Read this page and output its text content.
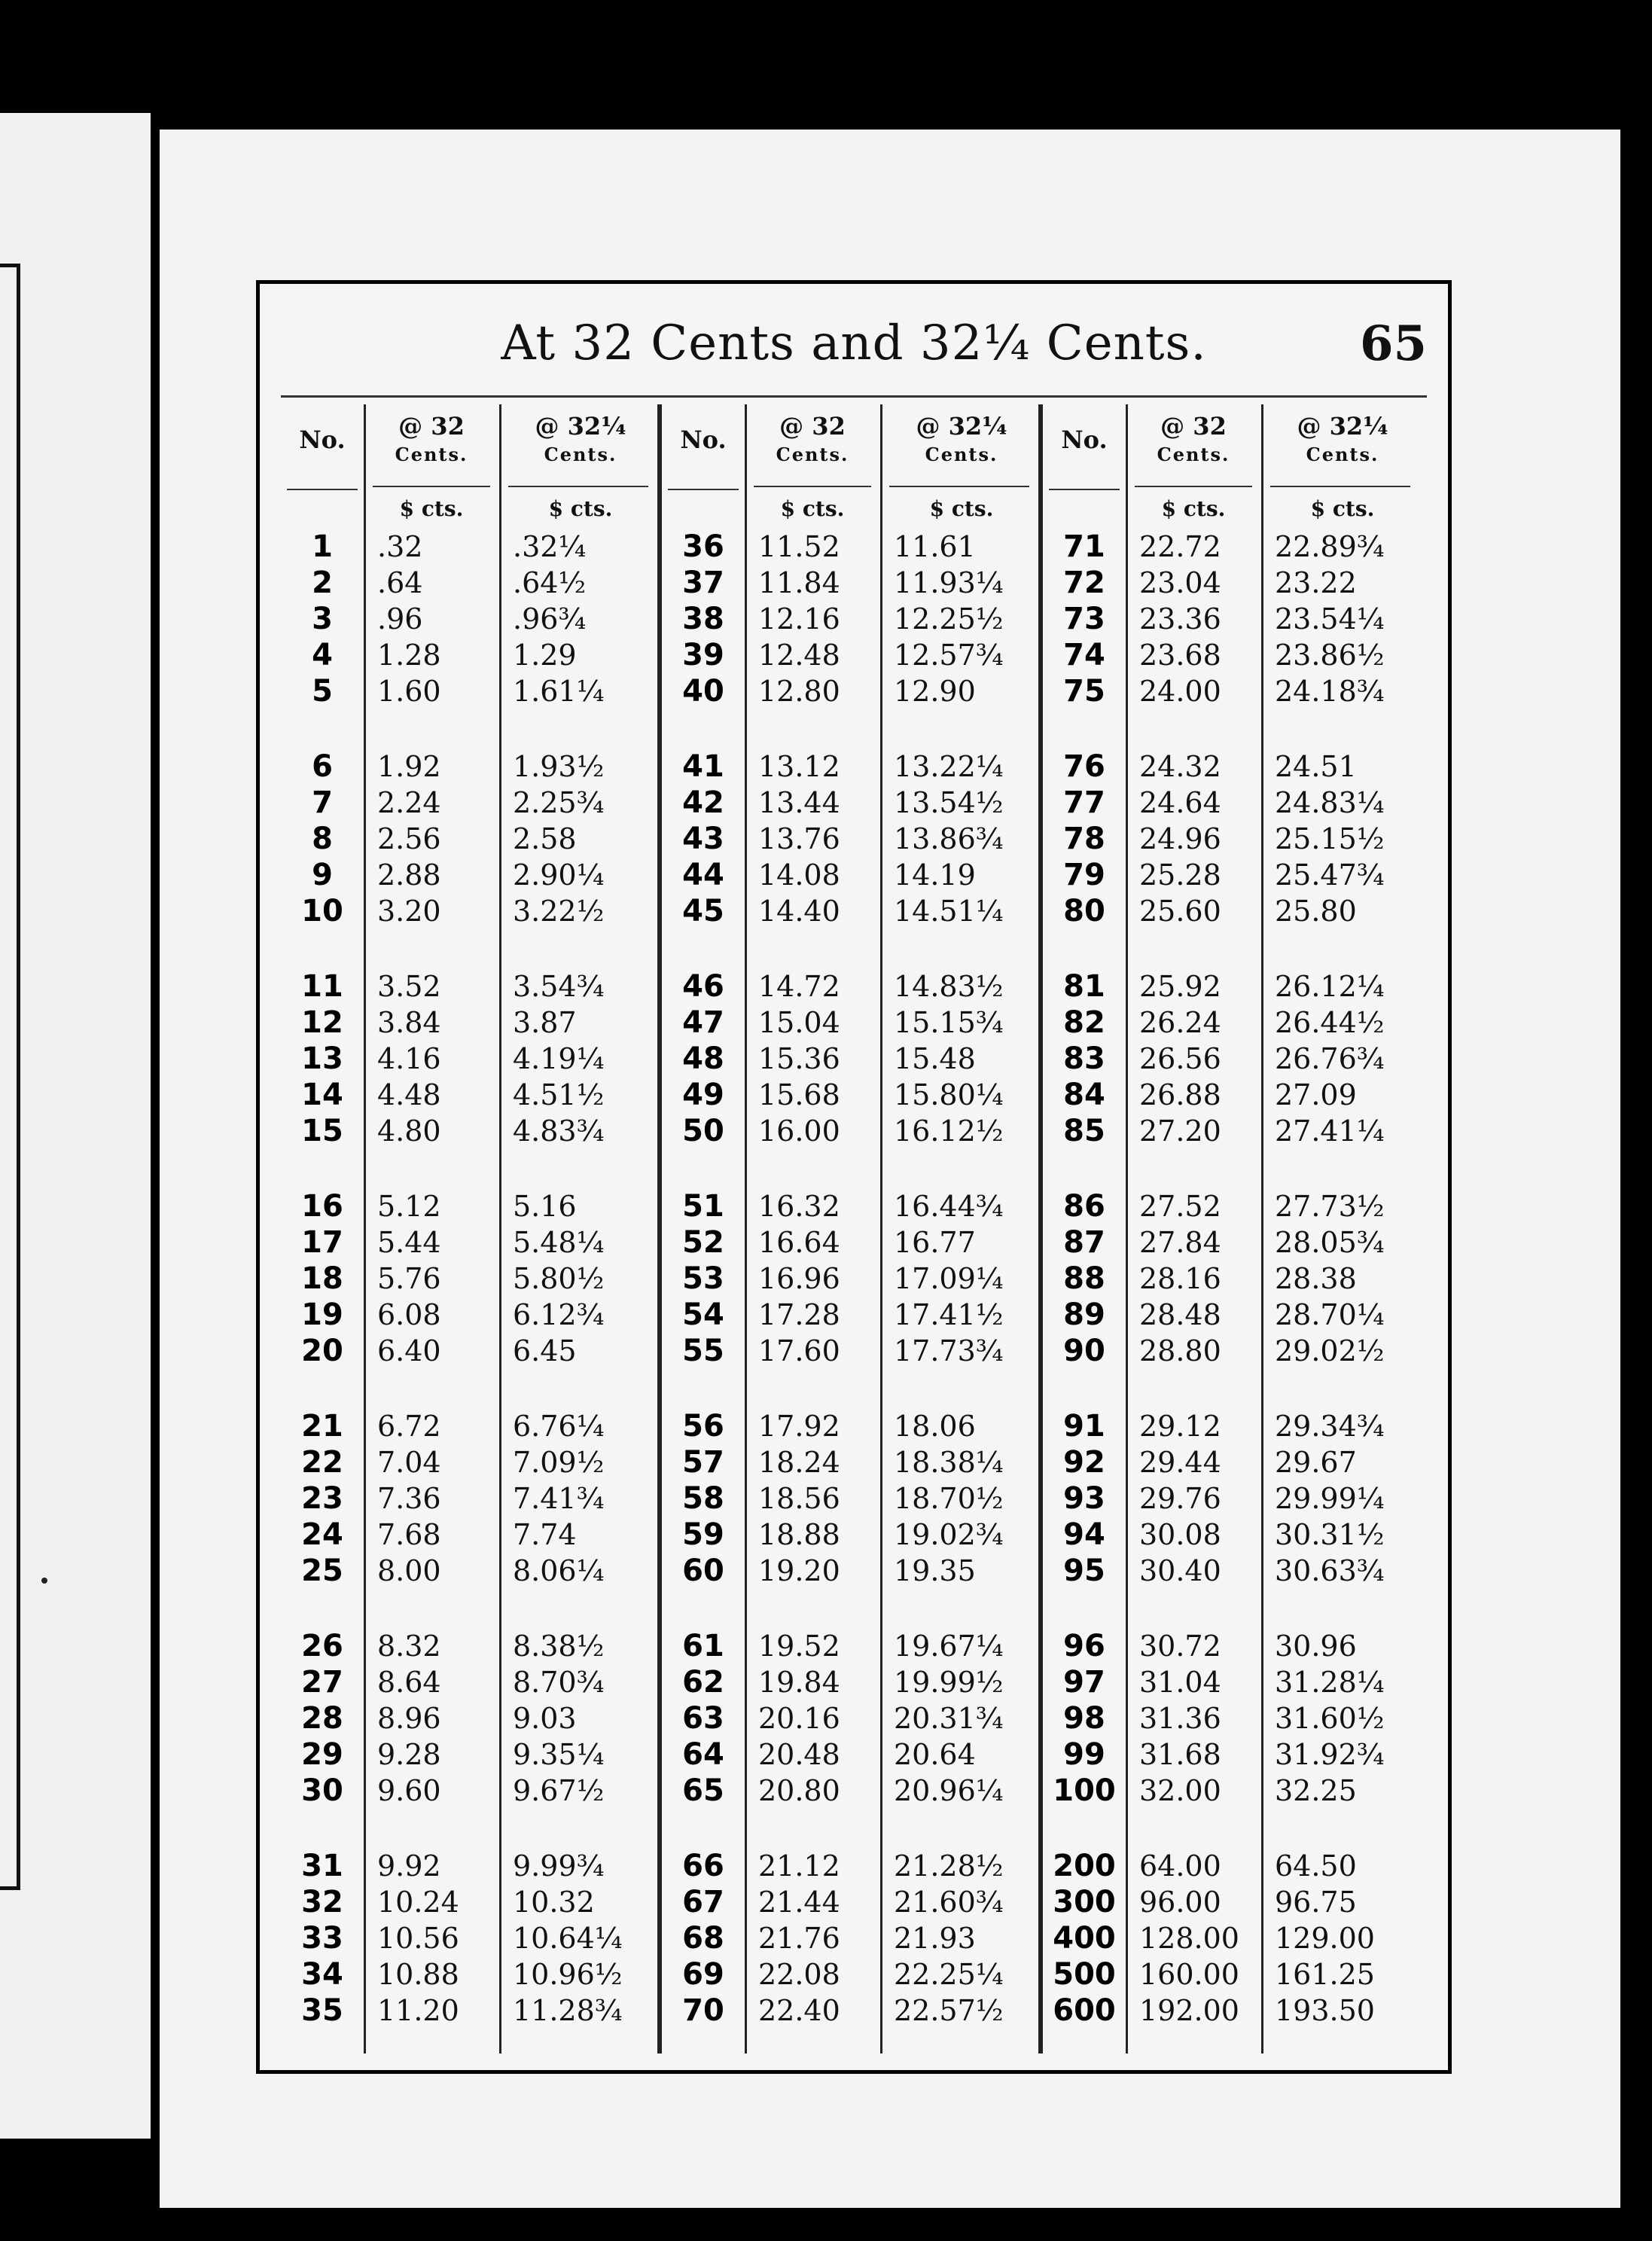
At 32 Cents and 32¼ Cents.	65
No.	@ 32
Cents.
@ 32¼
Cents.
$ cts.	$ cts.
1	.32	.32¼
2	.64	.64½
3	.96	.96¾
4	1.28	1.29
5	1.60	1.61¼
6	1.92	1.93½
7	2.24	2.25¾
8	2.56	2.58
9	2.88	2.90¼
10	3.20	3.22½
11	3.52	3.54¾
12	3.84	3.87
13	4.16	4.19¼
14	4.48	4.51½
15	4.80	4.83¾
16	5.12	5.16
17	5.44	5.48¼
18	5.76	5.80½
19	6.08	6.12¾
20	6.40	6.45
21	6.72	6.76¼
22	7.04	7.09½
23	7.36	7.41¾
24	7.68	7.74
25	8.00	8.06¼
26	8.32	8.38½
27	8.64	8.70¾
28	8.96	9.03
29	9.28	9.35¼
30	9.60	9.67½
31	9.92	9.99¾
32	10.24 10.32
33	10.56 10.64¼
34	10.88 10.96½
35	11.20 11.28¾
No.	@ 32
Cents.
@ 32¼
Cents.
$ cts.	$ cts.
36	11.52 11.61
37	11.84 11.93¼
38	12.16 12.25½
39	12.48 12.57¾
40	12.80 12.90
41	13.12 13.22¼
42	13.44 13.54½
43	13.76 13.86¾
44	14.08 14.19
45	14.40 14.51¼
46	14.72 14.83½
47	15.04 15.15¾
48	15.36 15.48
49	15.68 15.80¼
50	16.00 16.12½
51	16.32 16.44¾
52	16.64 16.77
53	16.96 17.09¼
54	17.28 17.41½
55	17.60 17.73¾
56	17.92 18.06
57	18.24 18.38¼
58	18.56 18.70½
59	18.88 19.02¾
60	19.20 19.35
61	19.52 19.67¼
62	19.84 19.99½
63	20.16 20.31¾
64	20.48 20.64
65	20.80 20.96¼
66	21.12 21.28½
67	21.44 21.60¾
68	21.76 21.93
69	22.08 22.25¼
70	22.40 22.57½
No.	@ 32
Cents.
@ 32¼
Cents.
$ cts.	$ cts.
71	22.72 22.89¾
72	23.04 23.22
73	23.36 23.54¼
74	23.68 23.86½
75	24.00 24.18¾
76	24.32 24.51
77	24.64 24.83¼
78	24.96 25.15½
79	25.28 25.47¾
80	25.60 25.80
81	25.92 26.12¼
82	26.24 26.44½
83	26.56 26.76¾
84	26.88 27.09
85	27.20 27.41¼
86	27.52 27.73½
87	27.84 28.05¾
88	28.16 28.38
89	28.48 28.70¼
90	28.80 29.02½
91	29.12 29.34¾
92	29.44 29.67
93	29.76 29.99¼
94	30.08 30.31½
95	30.40 30.63¾
96	30.72 30.96
97	31.04 31.28¼
98	31.36 31.60½
99	31.68 31.92¾
100 32.00 32.25
200 64.00 64.50
300 96.00 96.75
400 128.00 129.00
500 160.00 161.25
600 192.00 193.50
